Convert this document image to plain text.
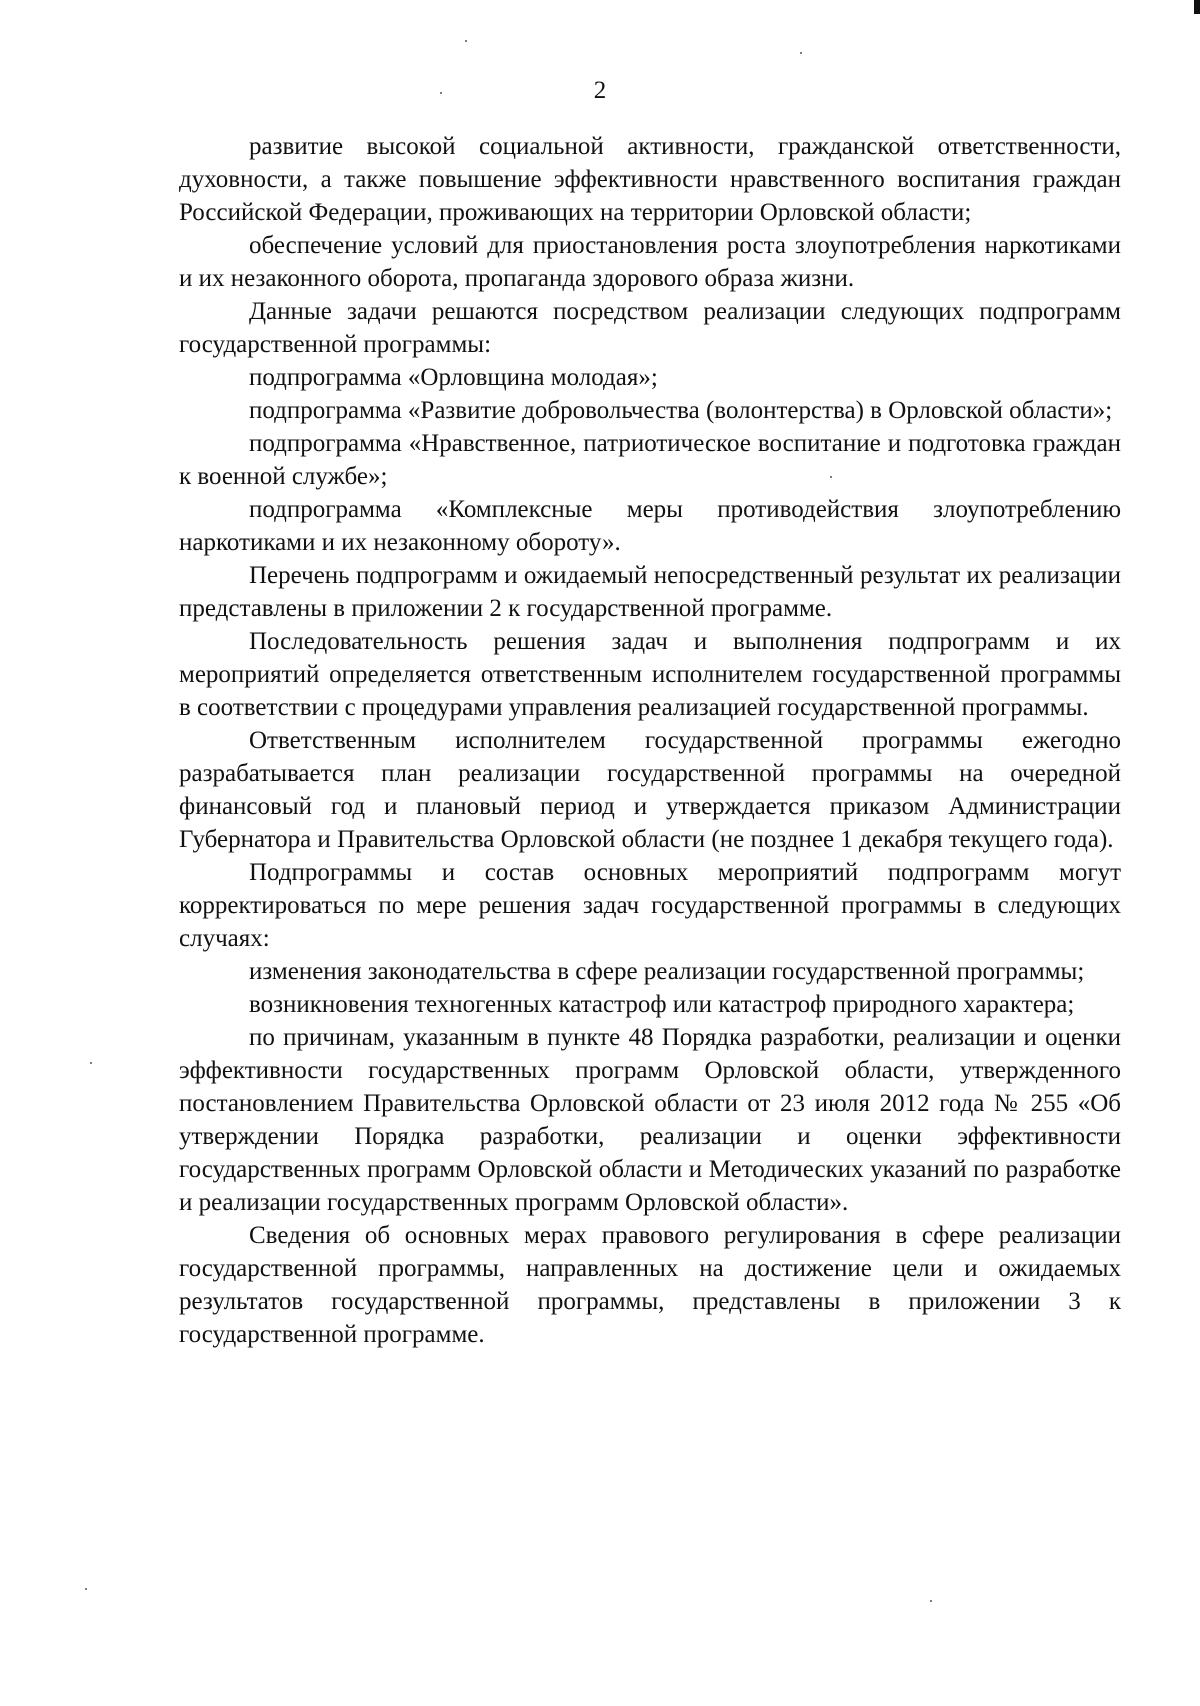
2

развитие высокой социальной активности, гражданской ответственности, духовности, а также повышение эффективности нравственного воспитания граждан Российской Федерации, проживающих на территории Орловской области;

обеспечение условий для приостановления роста злоупотребления наркотиками и их незаконного оборота, пропаганда здорового образа жизни.

Данные задачи решаются посредством реализации следующих подпрограмм государственной программы:

подпрограмма «Орловщина молодая»;

подпрограмма «Развитие добровольчества (волонтерства) в Орловской области»;

подпрограмма «Нравственное, патриотическое воспитание и подготовка граждан к военной службе»;

подпрограмма «Комплексные меры противодействия злоупотреблению наркотиками и их незаконному обороту».

Перечень подпрограмм и ожидаемый непосредственный результат их реализации представлены в приложении 2 к государственной программе.

Последовательность решения задач и выполнения подпрограмм и их мероприятий определяется ответственным исполнителем государственной программы в соответствии с процедурами управления реализацией государственной программы.

Ответственным исполнителем государственной программы ежегодно разрабатывается план реализации государственной программы на очередной финансовый год и плановый период и утверждается приказом Администрации Губернатора и Правительства Орловской области (не позднее 1 декабря текущего года).

Подпрограммы и состав основных мероприятий подпрограмм могут корректироваться по мере решения задач государственной программы в следующих случаях:

изменения законодательства в сфере реализации государственной программы;

возникновения техногенных катастроф или катастроф природного характера;

по причинам, указанным в пункте 48 Порядка разработки, реализации и оценки эффективности государственных программ Орловской области, утвержденного постановлением Правительства Орловской области от 23 июля 2012 года № 255 «Об утверждении Порядка разработки, реализации и оценки эффективности государственных программ Орловской области и Методических указаний по разработке и реализации государственных программ Орловской области».

Сведения об основных мерах правового регулирования в сфере реализации государственной программы, направленных на достижение цели и ожидаемых результатов государственной программы, представлены в приложении 3 к государственной программе.
